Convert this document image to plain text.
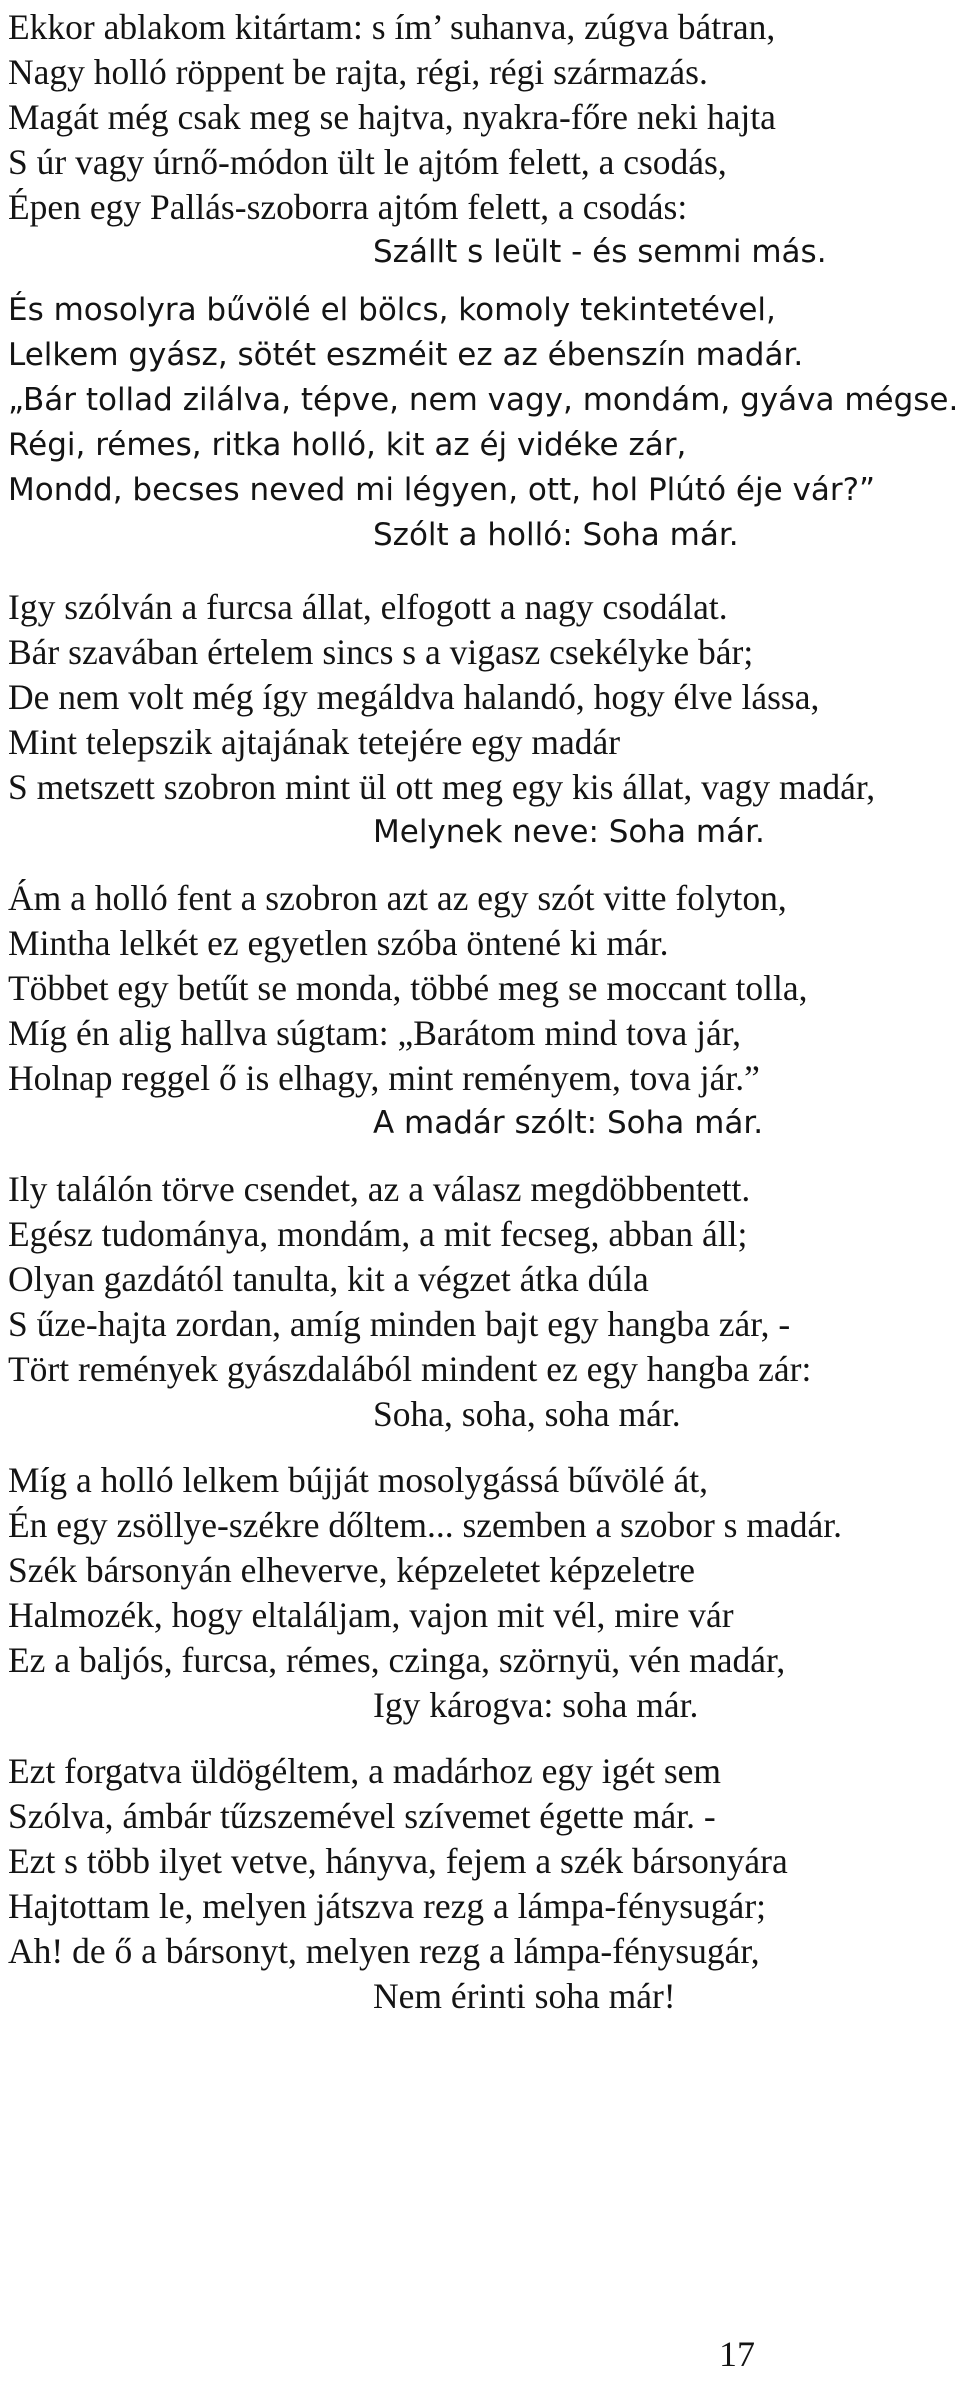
Ekkor ablakom kitártam: s ím’ suhanva, zúgva bátran,
Nagy holló röppent be rajta, régi, régi származás.
Magát még csak meg se hajtva, nyakra-főre neki hajta
S úr vagy úrnő-módon ült le ajtóm felett, a csodás,
Épen egy Pallás-szoborra ajtóm felett, a csodás:
Szállt s leült - és semmi más.
És mosolyra bűvölé el bölcs, komoly tekintetével,
Lelkem gyász, sötét eszméit ez az ébenszín madár.
„Bár tollad zilálva, tépve, nem vagy, mondám, gyáva mégse.
Régi, rémes, ritka holló, kit az éj vidéke zár,
Mondd, becses neved mi légyen, ott, hol Plútó éje vár?”
Szólt a holló: Soha már.
Igy szólván a furcsa állat, elfogott a nagy csodálat.
Bár szavában értelem sincs s a vigasz csekélyke bár;
De nem volt még így megáldva halandó, hogy élve lássa,
Mint telepszik ajtajának tetejére egy madár
S metszett szobron mint ül ott meg egy kis állat, vagy madár,
Melynek neve: Soha már.
Ám a holló fent a szobron azt az egy szót vitte folyton,
Mintha lelkét ez egyetlen szóba öntené ki már.
Többet egy betűt se monda, többé meg se moccant tolla,
Míg én alig hallva súgtam: „Barátom mind tova jár,
Holnap reggel ő is elhagy, mint reményem, tova jár.”
A madár szólt: Soha már.
Ily találón törve csendet, az a válasz megdöbbentett.
Egész tudománya, mondám, a mit fecseg, abban áll;
Olyan gazdától tanulta, kit a végzet átka dúla
S űze-hajta zordan, amíg minden bajt egy hangba zár, -
Tört remények gyászdalából mindent ez egy hangba zár:
Soha, soha, soha már.
Míg a holló lelkem bújját mosolygássá bűvölé át,
Én egy zsöllye-székre dőltem... szemben a szobor s madár.
Szék bársonyán elheverve, képzeletet képzeletre
Halmozék, hogy eltaláljam, vajon mit vél, mire vár
Ez a baljós, furcsa, rémes, czinga, szörnyü, vén madár,
Igy károgva: soha már.
Ezt forgatva üldögéltem, a madárhoz egy igét sem
Szólva, ámbár tűzszemével szívemet égette már. -
Ezt s több ilyet vetve, hányva, fejem a szék bársonyára
Hajtottam le, melyen játszva rezg a lámpa-fénysugár;
Ah! de ő a bársonyt, melyen rezg a lámpa-fénysugár,
Nem érinti soha már!
17
